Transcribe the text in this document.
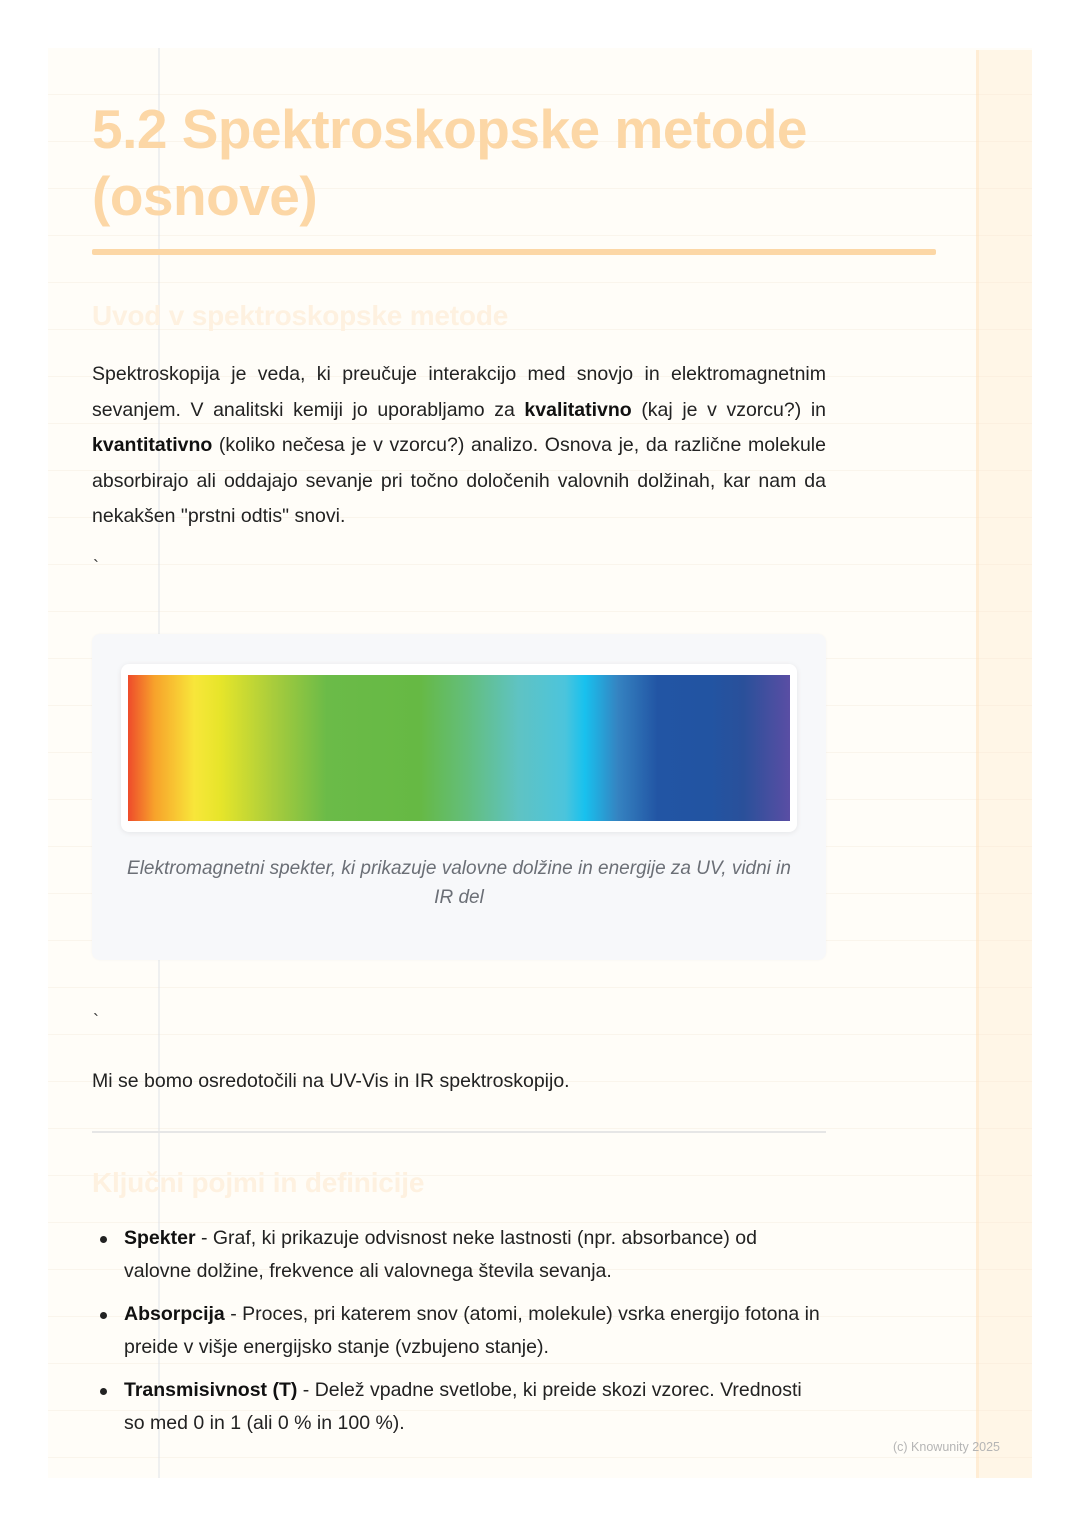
5.2 Spektroskopske metode (osnove)
Uvod v spektroskopske metode

Spektroskopija je veda, ki preučuje interakcijo med snovjo in elektromagnetnim sevanjem. V analitski kemiji jo uporabljamo za kvalitativno (kaj je v vzorcu?) in kvantitativno (koliko nečesa je v vzorcu?) analizo. Osnova je, da različne molekule absorbirajo ali oddajajo sevanje pri točno določenih valovnih dolžinah, kar nam da nekakšen "prstni odtis" snovi.

`
Elektromagnetni spekter, ki prikazuje valovne dolžine in energije za UV, vidni in IR del
`

Mi se bomo osredotočili na UV-Vis in IR spektroskopijo.

Ključni pojmi in definicije
Spekter - Graf, ki prikazuje odvisnost neke lastnosti (npr. absorbance) od valovne dolžine, frekvence ali valovnega števila sevanja.
Absorpcija - Proces, pri katerem snov (atomi, molekule) vsrka energijo fotona in preide v višje energijsko stanje (vzbujeno stanje).
Transmisivnost (T) - Delež vpadne svetlobe, ki preide skozi vzorec. Vrednosti so med 0 in 1 (ali 0 % in 100 %).
(c) Knowunity 2025
